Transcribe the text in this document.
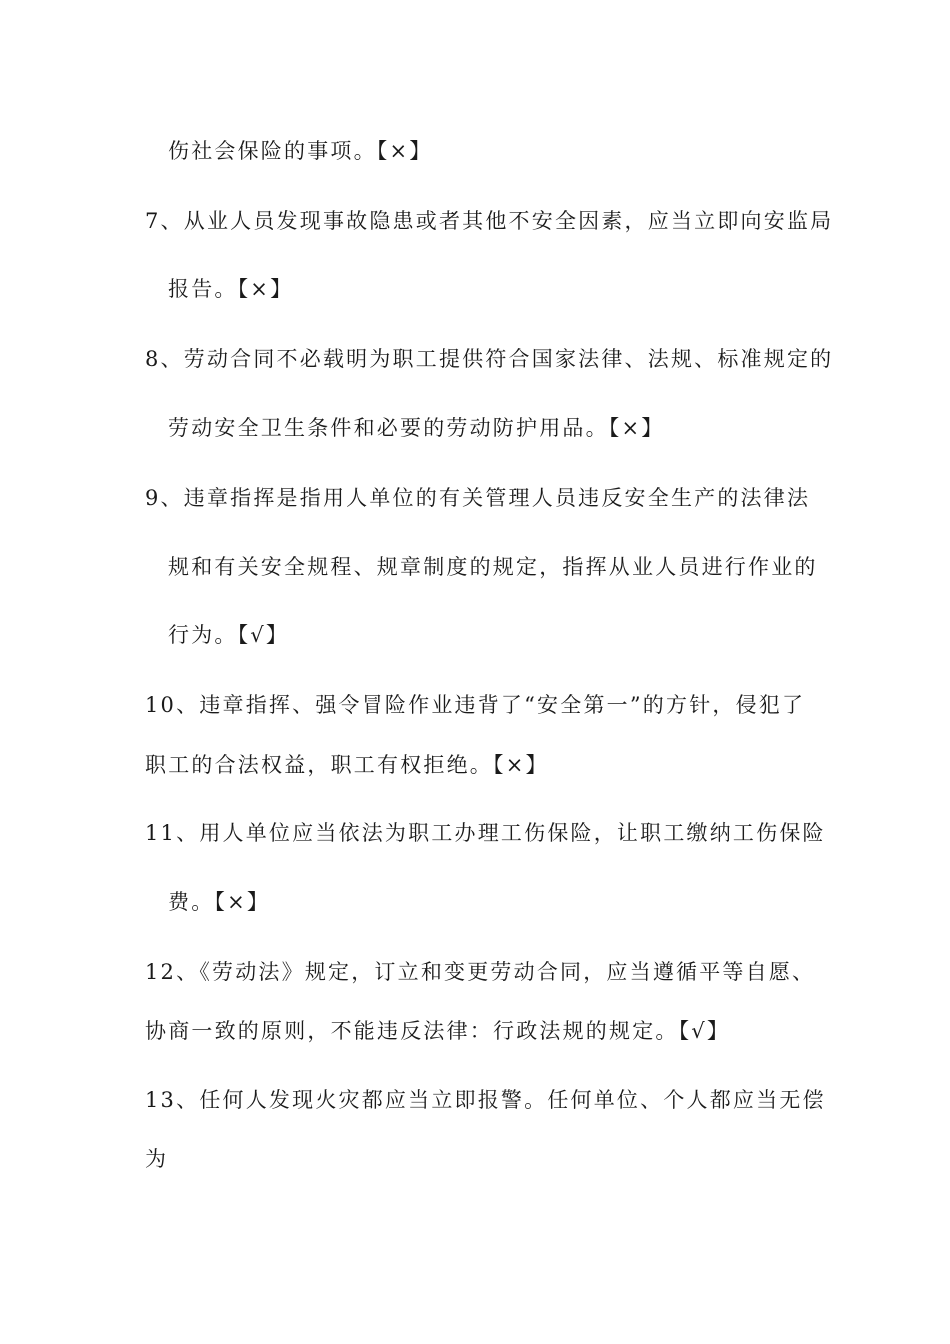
伤社会保险的事项。【×】
7、从业人员发现事故隐患或者其他不安全因素，应当立即向安监局
报告。【×】
8、劳动合同不必载明为职工提供符合国家法律、法规、标准规定的
劳动安全卫生条件和必要的劳动防护用品。【×】
9、违章指挥是指用人单位的有关管理人员违反安全生产的法律法
规和有关安全规程、规章制度的规定，指挥从业人员进行作业的
行为。【√】
10、违章指挥、强令冒险作业违背了“安全第一”的方针，侵犯了
职工的合法权益，职工有权拒绝。【×】
11、用人单位应当依法为职工办理工伤保险，让职工缴纳工伤保险
费。【×】
12、《劳动法》规定，订立和变更劳动合同，应当遵循平等自愿、
协商一致的原则，不能违反法律：行政法规的规定。【√】
13、任何人发现火灾都应当立即报警。任何单位、个人都应当无偿
为
